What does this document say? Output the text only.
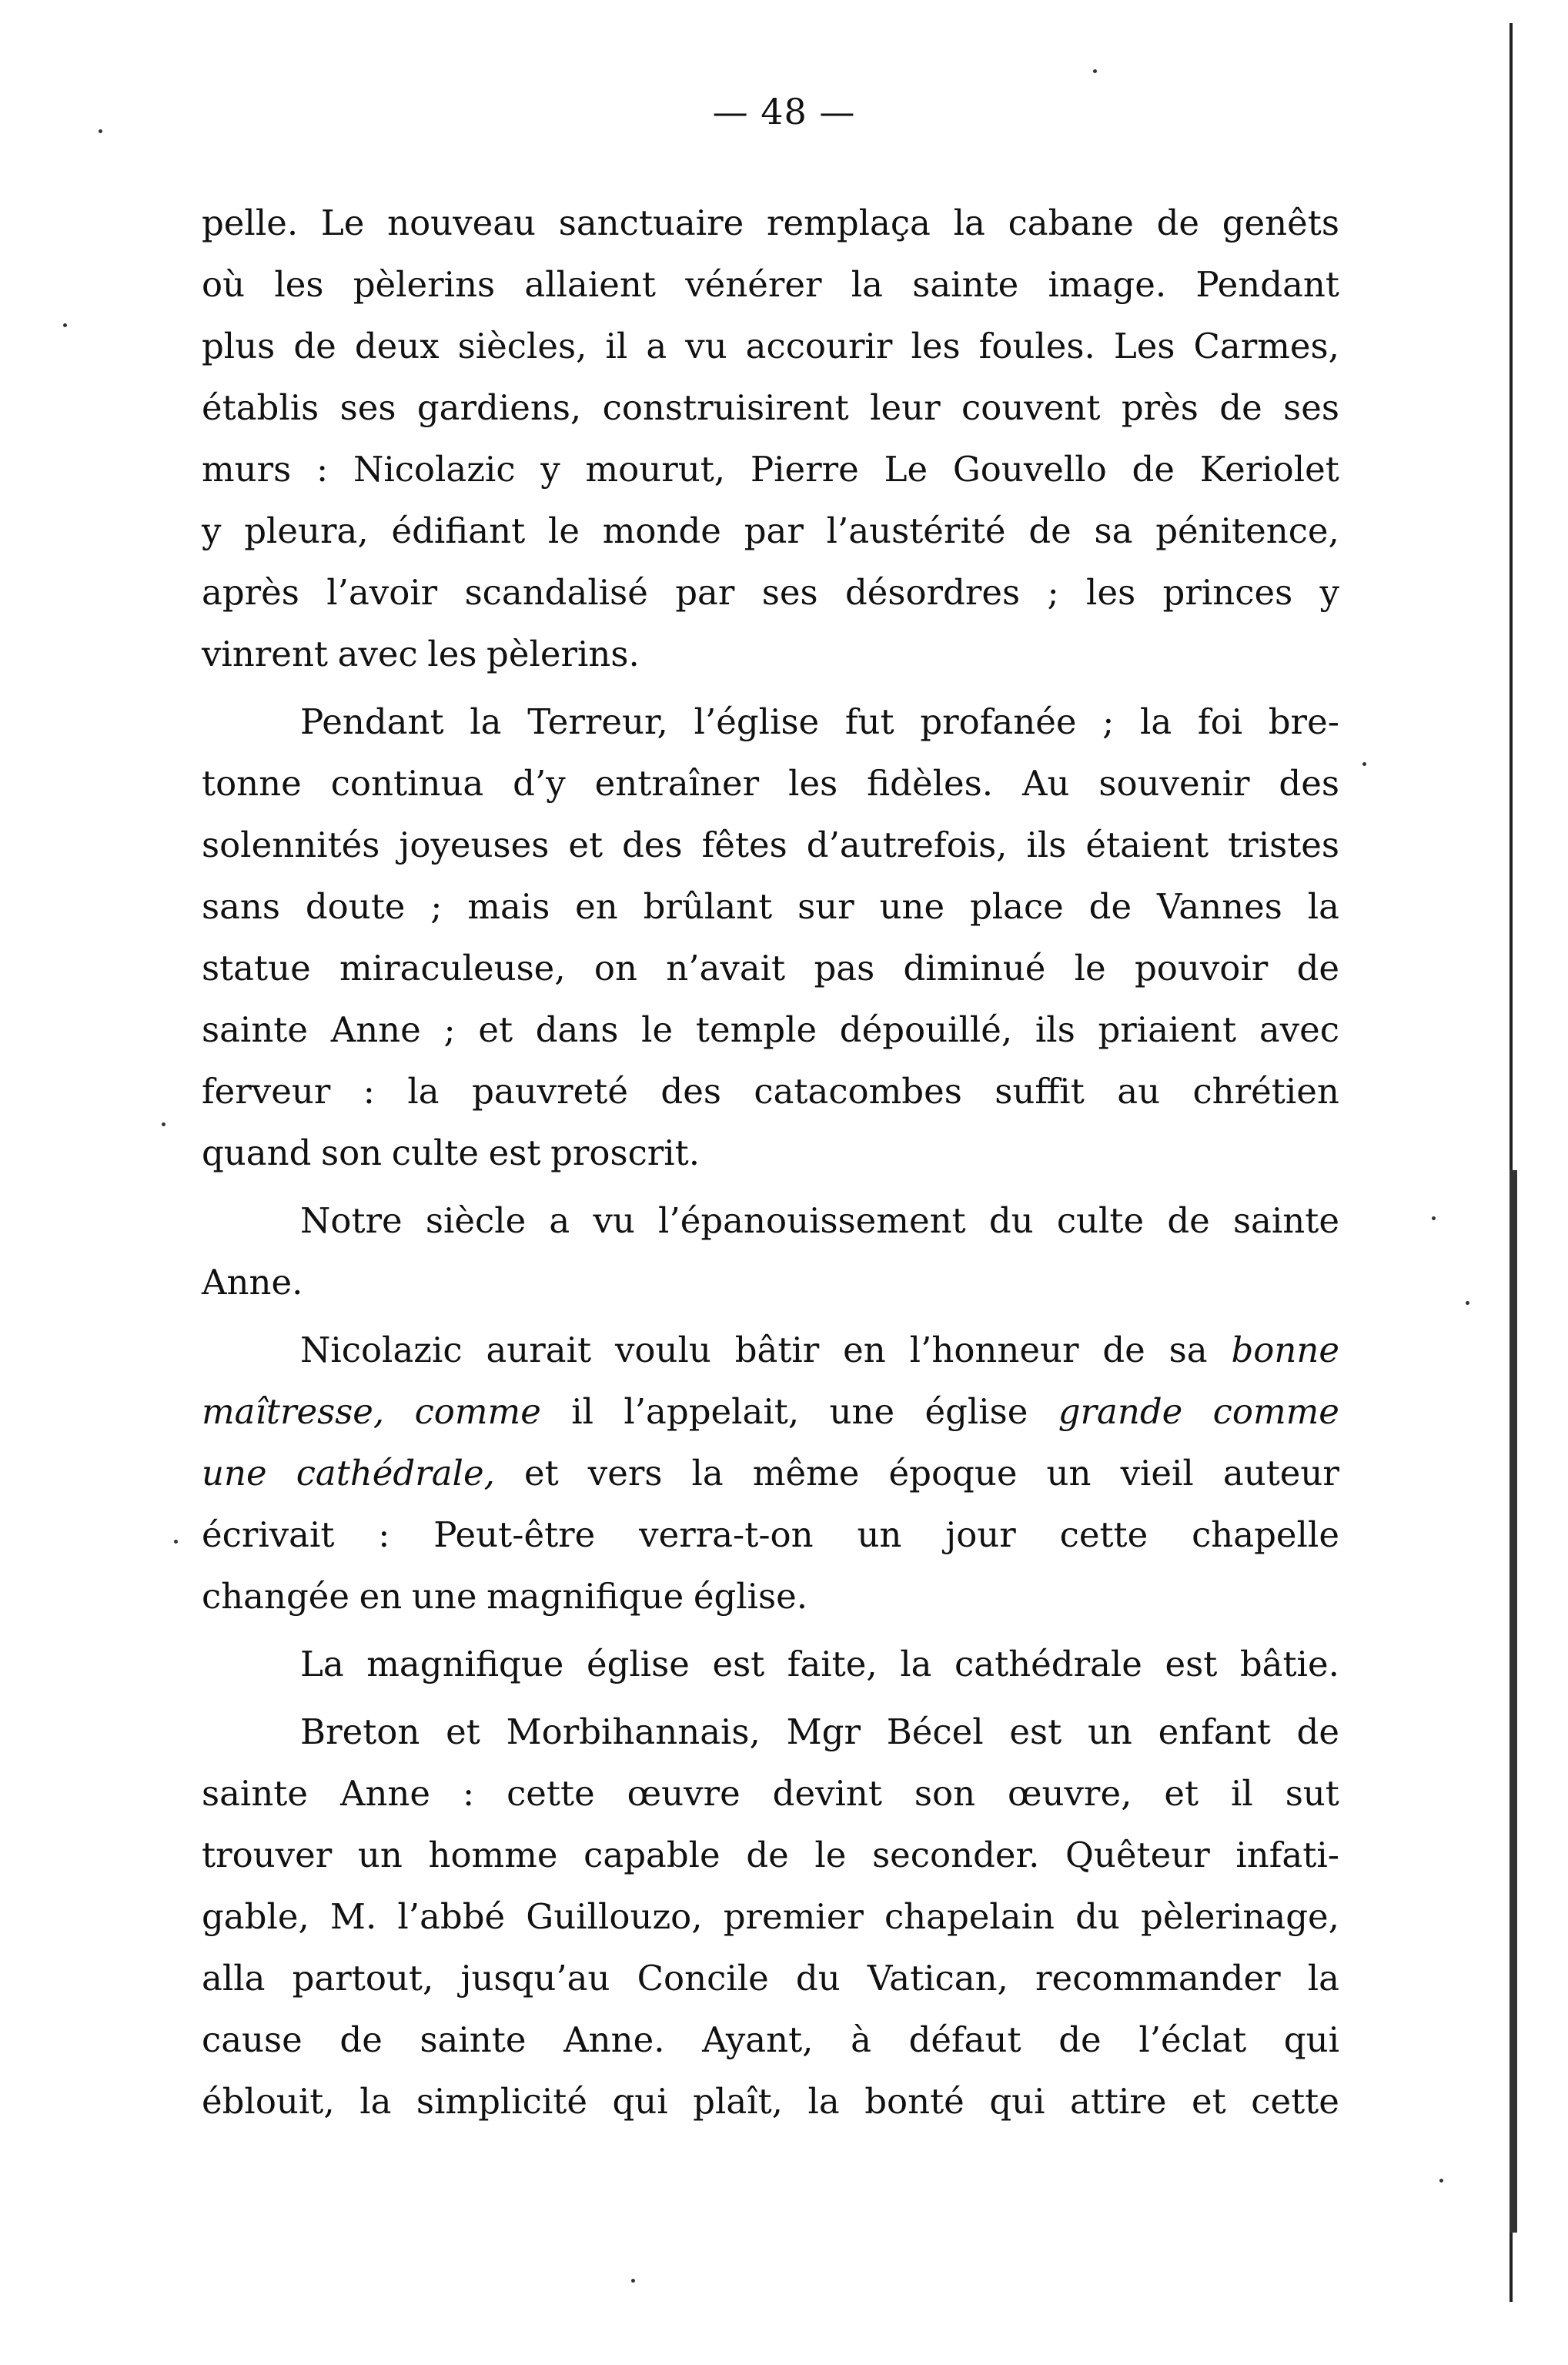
— 48 —
pelle. Le nouveau sanctuaire remplaça la cabane de genêts
où les pèlerins allaient vénérer la sainte image. Pendant
plus de deux siècles, il a vu accourir les foules. Les Carmes,
établis ses gardiens, construisirent leur couvent près de ses
murs : Nicolazic y mourut, Pierre Le Gouvello de Keriolet
y pleura, édifiant le monde par l’austérité de sa pénitence,
après l’avoir scandalisé par ses désordres ; les princes y
vinrent avec les pèlerins.
Pendant la Terreur, l’église fut profanée ; la foi bre-
tonne continua d’y entraîner les fidèles. Au souvenir des
solennités joyeuses et des fêtes d’autrefois, ils étaient tristes
sans doute ; mais en brûlant sur une place de Vannes la
statue miraculeuse, on n’avait pas diminué le pouvoir de
sainte Anne ; et dans le temple dépouillé, ils priaient avec
ferveur : la pauvreté des catacombes suffit au chrétien
quand son culte est proscrit.
Notre siècle a vu l’épanouissement du culte de sainte
Anne.
Nicolazic aurait voulu bâtir en l’honneur de sa bonne
maîtresse, comme il l’appelait, une église grande comme
une cathédrale, et vers la même époque un vieil auteur
écrivait : Peut-être verra-t-on un jour cette chapelle
changée en une magnifique église.
La magnifique église est faite, la cathédrale est bâtie.
Breton et Morbihannais, Mgr Bécel est un enfant de
sainte Anne : cette œuvre devint son œuvre, et il sut
trouver un homme capable de le seconder. Quêteur infati-
gable, M. l’abbé Guillouzo, premier chapelain du pèlerinage,
alla partout, jusqu’au Concile du Vatican, recommander la
cause de sainte Anne. Ayant, à défaut de l’éclat qui
éblouit, la simplicité qui plaît, la bonté qui attire et cette
